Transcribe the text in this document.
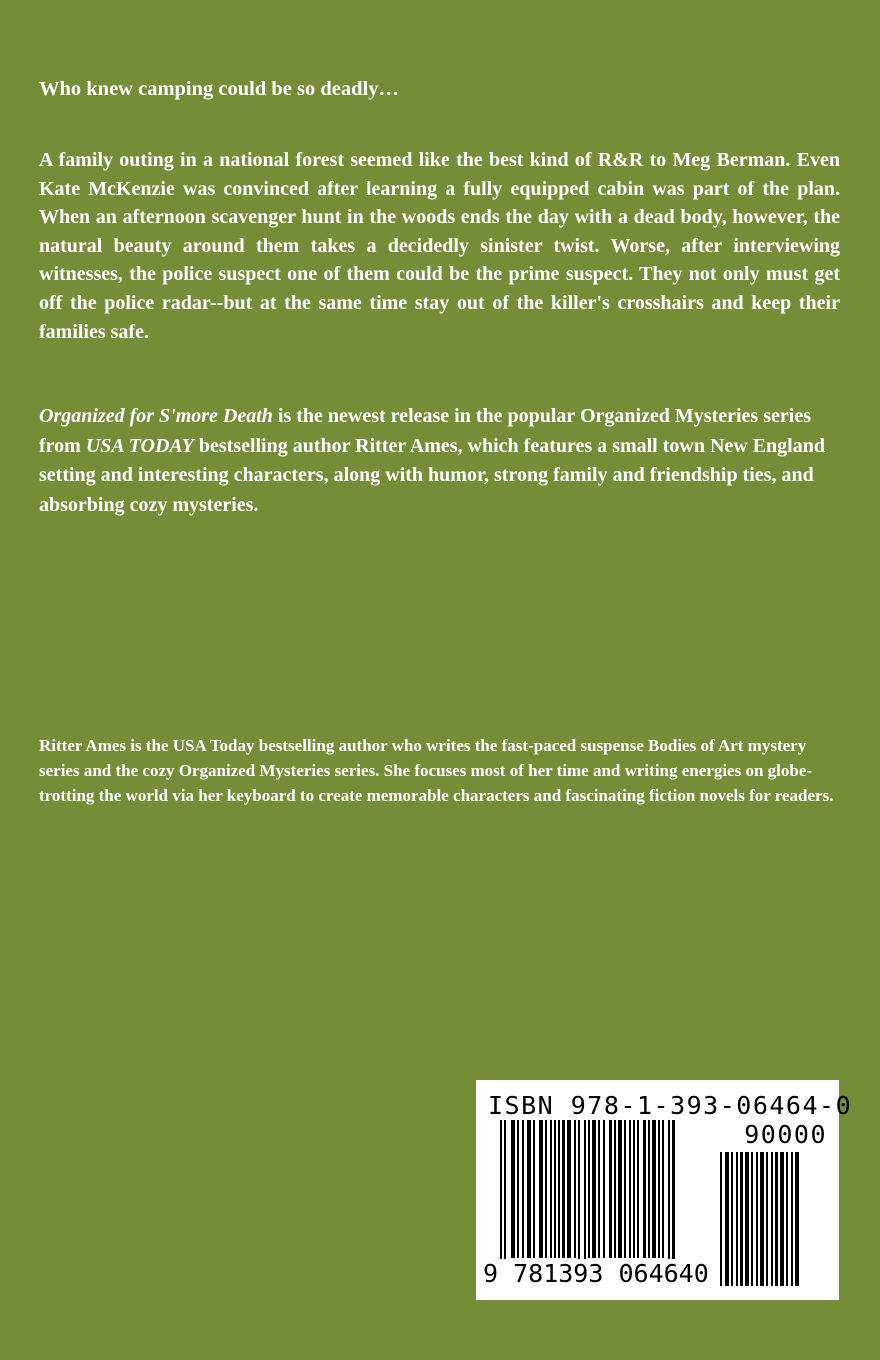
Who knew camping could be so deadly…

A family outing in a national forest seemed like the best kind of R&R to Meg Berman. Even Kate McKenzie was convinced after learning a fully equipped cabin was part of the plan. When an afternoon scavenger hunt in the woods ends the day with a dead body, however, the natural beauty around them takes a decidedly sinister twist. Worse, after interviewing witnesses, the police suspect one of them could be the prime suspect. They not only must get off the police radar--but at the same time stay out of the killer's crosshairs and keep their families safe.

Organized for S'more Death is the newest release in the popular Organized Mysteries series from USA TODAY bestselling author Ritter Ames, which features a small town New England setting and interesting characters, along with humor, strong family and friendship ties, and absorbing cozy mysteries.

Ritter Ames is the USA Today bestselling author who writes the fast-paced suspense Bodies of Art mystery series and the cozy Organized Mysteries series. She focuses most of her time and writing energies on globe-trotting the world via her keyboard to create memorable characters and fascinating fiction novels for readers.

ISBN 978-1-393-06464-0
90000
9 781393 064640
